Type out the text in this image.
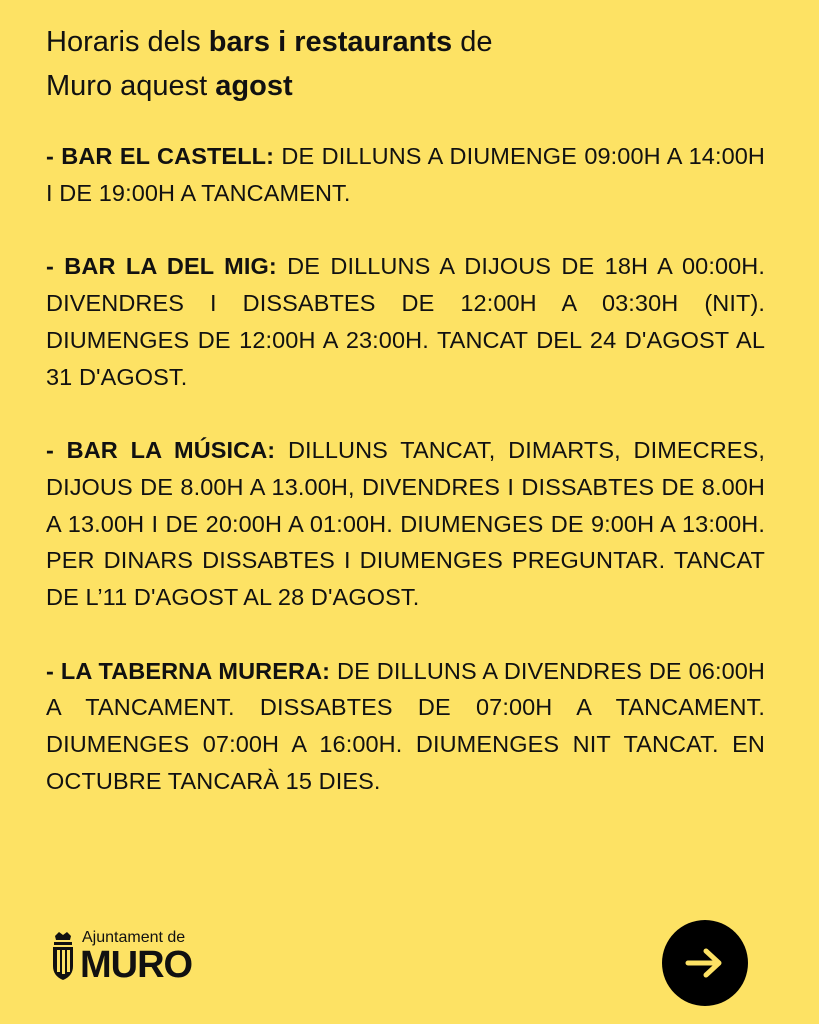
Horaris dels bars i restaurants de
Muro aquest agost

- BAR EL CASTELL: DE DILLUNS A DIUMENGE 09:00H A 14:00H I DE 19:00H A TANCAMENT.

- BAR LA DEL MIG: DE DILLUNS A DIJOUS DE 18H A 00:00H. DIVENDRES I DISSABTES DE 12:00H A 03:30H (NIT). DIUMENGES DE 12:00H A 23:00H. TANCAT DEL 24 D'AGOST AL 31 D'AGOST.

- BAR LA MÚSICA: DILLUNS TANCAT, DIMARTS, DIMECRES, DIJOUS DE 8.00H A 13.00H, DIVENDRES I DISSABTES DE 8.00H A 13.00H I DE 20:00H A 01:00H. DIUMENGES DE 9:00H A 13:00H. PER DINARS DISSABTES I DIUMENGES PREGUNTAR. TANCAT DE L’11 D'AGOST AL 28 D'AGOST.

- LA TABERNA MURERA: DE DILLUNS A DIVENDRES DE 06:00H A TANCAMENT. DISSABTES DE 07:00H A TANCAMENT. DIUMENGES 07:00H A 16:00H. DIUMENGES NIT TANCAT. EN OCTUBRE TANCARÀ 15 DIES.

Ajuntament de
MURO
